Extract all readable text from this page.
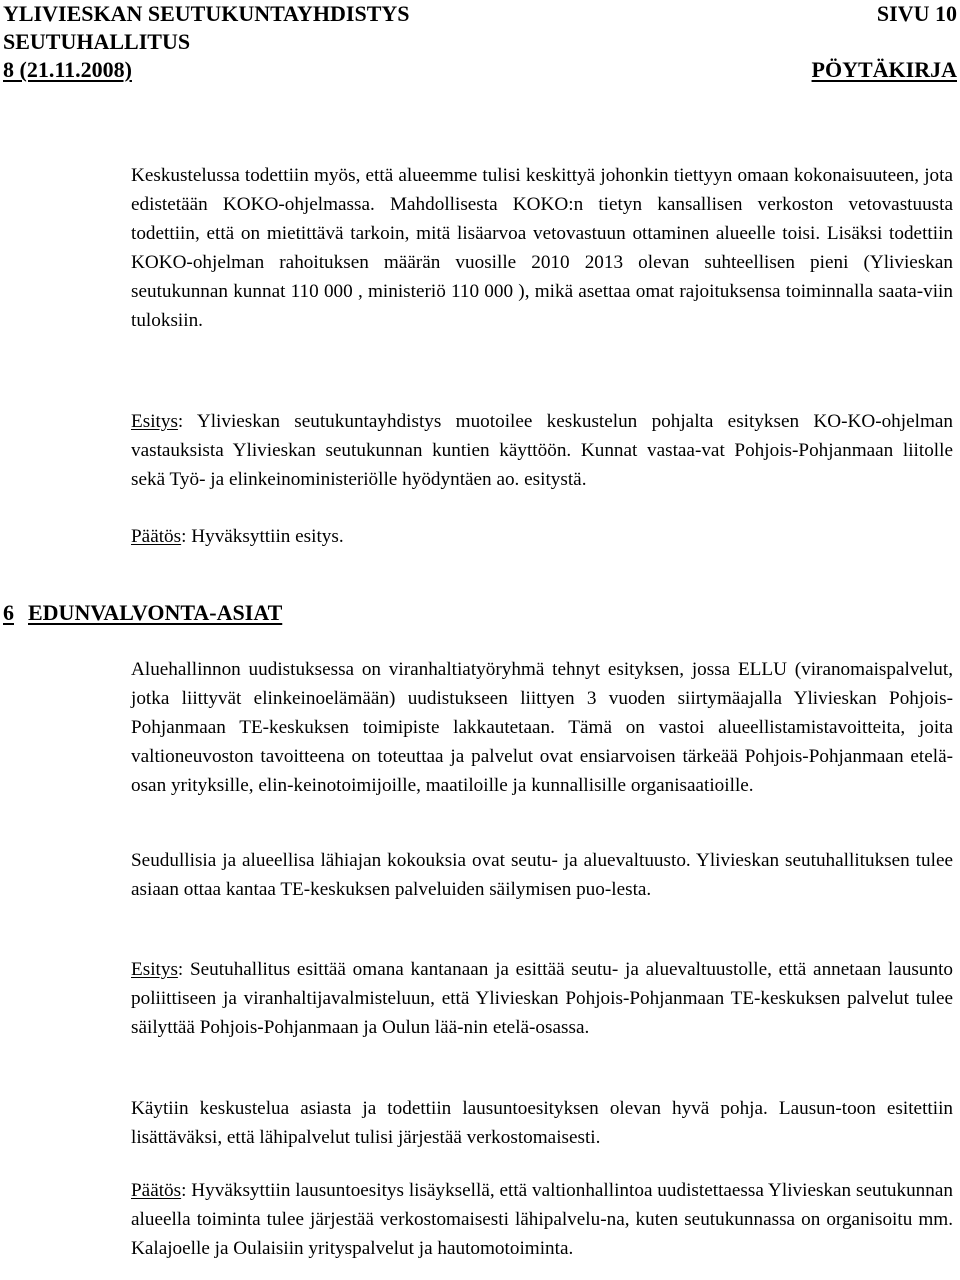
YLIVIESKAN SEUTUKUNTAYHDISTYS	SIVU 10
SEUTUHALLITUS
8 (21.11.2008)	PÖYTÄKIRJA

Keskustelussa todettiin myös, että alueemme tulisi keskittyä johonkin tiettyyn omaan kokonaisuuteen, jota edistetään KOKO-ohjelmassa. Mahdollisesta KOKO:n tietyn kansallisen verkoston vetovastuusta todettiin, että on mietittävä tarkoin, mitä lisäarvoa vetovastuun ottaminen alueelle toisi. Lisäksi todettiin KOKO-ohjelman rahoituksen määrän vuosille 2010 2013 olevan suhteellisen pieni (Ylivieskan seutukunnan kunnat 110 000 , ministeriö 110 000 ), mikä asettaa omat rajoituksensa toiminnalla saata-viin tuloksiin.

Esitys: Ylivieskan seutukuntayhdistys muotoilee keskustelun pohjalta esityksen KO-KO-ohjelman vastauksista Ylivieskan seutukunnan kuntien käyttöön. Kunnat vastaa-vat Pohjois-Pohjanmaan liitolle sekä Työ- ja elinkeinoministeriölle hyödyntäen ao. esitystä.

Päätös: Hyväksyttiin esitys.

6 EDUNVALVONTA-ASIAT

Aluehallinnon uudistuksessa on viranhaltiatyöryhmä tehnyt esityksen, jossa ELLU (viranomaispalvelut, jotka liittyvät elinkeinoelämään) uudistukseen liittyen 3 vuoden siirtymäajalla Ylivieskan Pohjois-Pohjanmaan TE-keskuksen toimipiste lakkautetaan. Tämä on vastoi alueellistamistavoitteita, joita valtioneuvoston tavoitteena on toteuttaa ja palvelut ovat ensiarvoisen tärkeää Pohjois-Pohjanmaan etelä-osan yrityksille, elin-keinotoimijoille, maatiloille ja kunnallisille organisaatioille.

Seudullisia ja alueellisa lähiajan kokouksia ovat seutu- ja aluevaltuusto. Ylivieskan seutuhallituksen tulee asiaan ottaa kantaa TE-keskuksen palveluiden säilymisen puo-lesta.

Esitys: Seutuhallitus esittää omana kantanaan ja esittää seutu- ja aluevaltuustolle, että annetaan lausunto poliittiseen ja viranhaltijavalmisteluun, että Ylivieskan Pohjois-Pohjanmaan TE-keskuksen palvelut tulee säilyttää Pohjois-Pohjanmaan ja Oulun lää-nin etelä-osassa.

Käytiin keskustelua asiasta ja todettiin lausuntoesityksen olevan hyvä pohja. Lausun-toon esitettiin lisättäväksi, että lähipalvelut tulisi järjestää verkostomaisesti.

Päätös: Hyväksyttiin lausuntoesitys lisäyksellä, että valtionhallintoa uudistettaessa Ylivieskan seutukunnan alueella toiminta tulee järjestää verkostomaisesti lähipalvelu-na, kuten seutukunnassa on organisoitu mm. Kalajoelle ja Oulaisiin yrityspalvelut ja hautomotoiminta.
